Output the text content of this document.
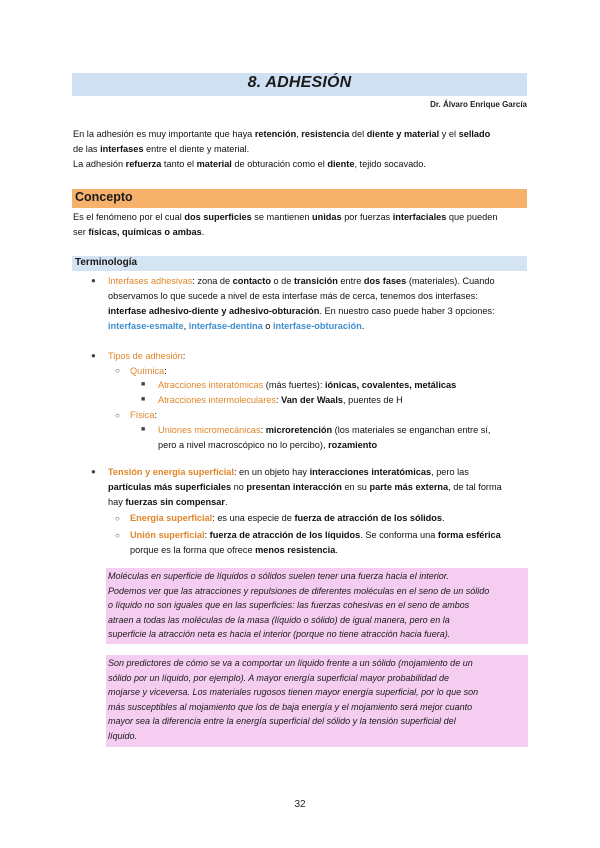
8. ADHESIÓN
Dr. Álvaro Enrique García
En la adhesión es muy importante que haya retención, resistencia del diente y material y el sellado
de las interfases entre el diente y material.
La adhesión refuerza tanto el material de obturación como el diente, tejido socavado.
Concepto
Es el fenómeno por el cual dos superficies se mantienen unidas por fuerzas interfaciales que pueden
ser físicas, químicas o ambas.
Terminología
● Interfases adhesivas: zona de contacto o de transición entre dos fases (materiales). Cuando
observamos lo que sucede a nivel de esta interfase más de cerca, tenemos dos interfases:
interfase adhesivo-diente y adhesivo-obturación. En nuestro caso puede haber 3 opciones:
interfase-esmalte, interfase-dentina o interfase-obturación.
● Tipos de adhesión:
○ Química:
■ Atracciones interatómicas (más fuertes): iónicas, covalentes, metálicas
■ Atracciones intermoleculares: Van der Waals, puentes de H
○ Física:
■ Uniones micromecánicas: microretención (los materiales se enganchan entre sí,
pero a nivel macroscópico no lo percibo), rozamiento
● Tensión y energía superficial: en un objeto hay interacciones interatómicas, pero las
partículas más superficiales no presentan interacción en su parte más externa, de tal forma
hay fuerzas sin compensar.
○ Energía superficial: es una especie de fuerza de atracción de los sólidos.
○ Unión superficial: fuerza de atracción de los líquidos. Se conforma una forma esférica
porque es la forma que ofrece menos resistencia.
Moléculas en superficie de líquidos o sólidos suelen tener una fuerza hacia el interior.
Podemos ver que las atracciones y repulsiones de diferentes moléculas en el seno de un sólido
o líquido no son iguales que en las superficies: las fuerzas cohesivas en el seno de ambos
atraen a todas las moléculas de la masa (líquido o sólido) de igual manera, pero en la
superficie la atracción neta es hacia el interior (porque no tiene atracción hacia fuera).
Son predictores de cómo se va a comportar un líquido frente a un sólido (mojamiento de un
sólido por un líquido, por ejemplo). A mayor energía superficial mayor probabilidad de
mojarse y viceversa. Los materiales rugosos tienen mayor energía superficial, por lo que son
más susceptibles al mojamiento que los de baja energía y el mojamiento será mejor cuanto
mayor sea la diferencia entre la energía superficial del sólido y la tensión superficial del
líquido.
32
